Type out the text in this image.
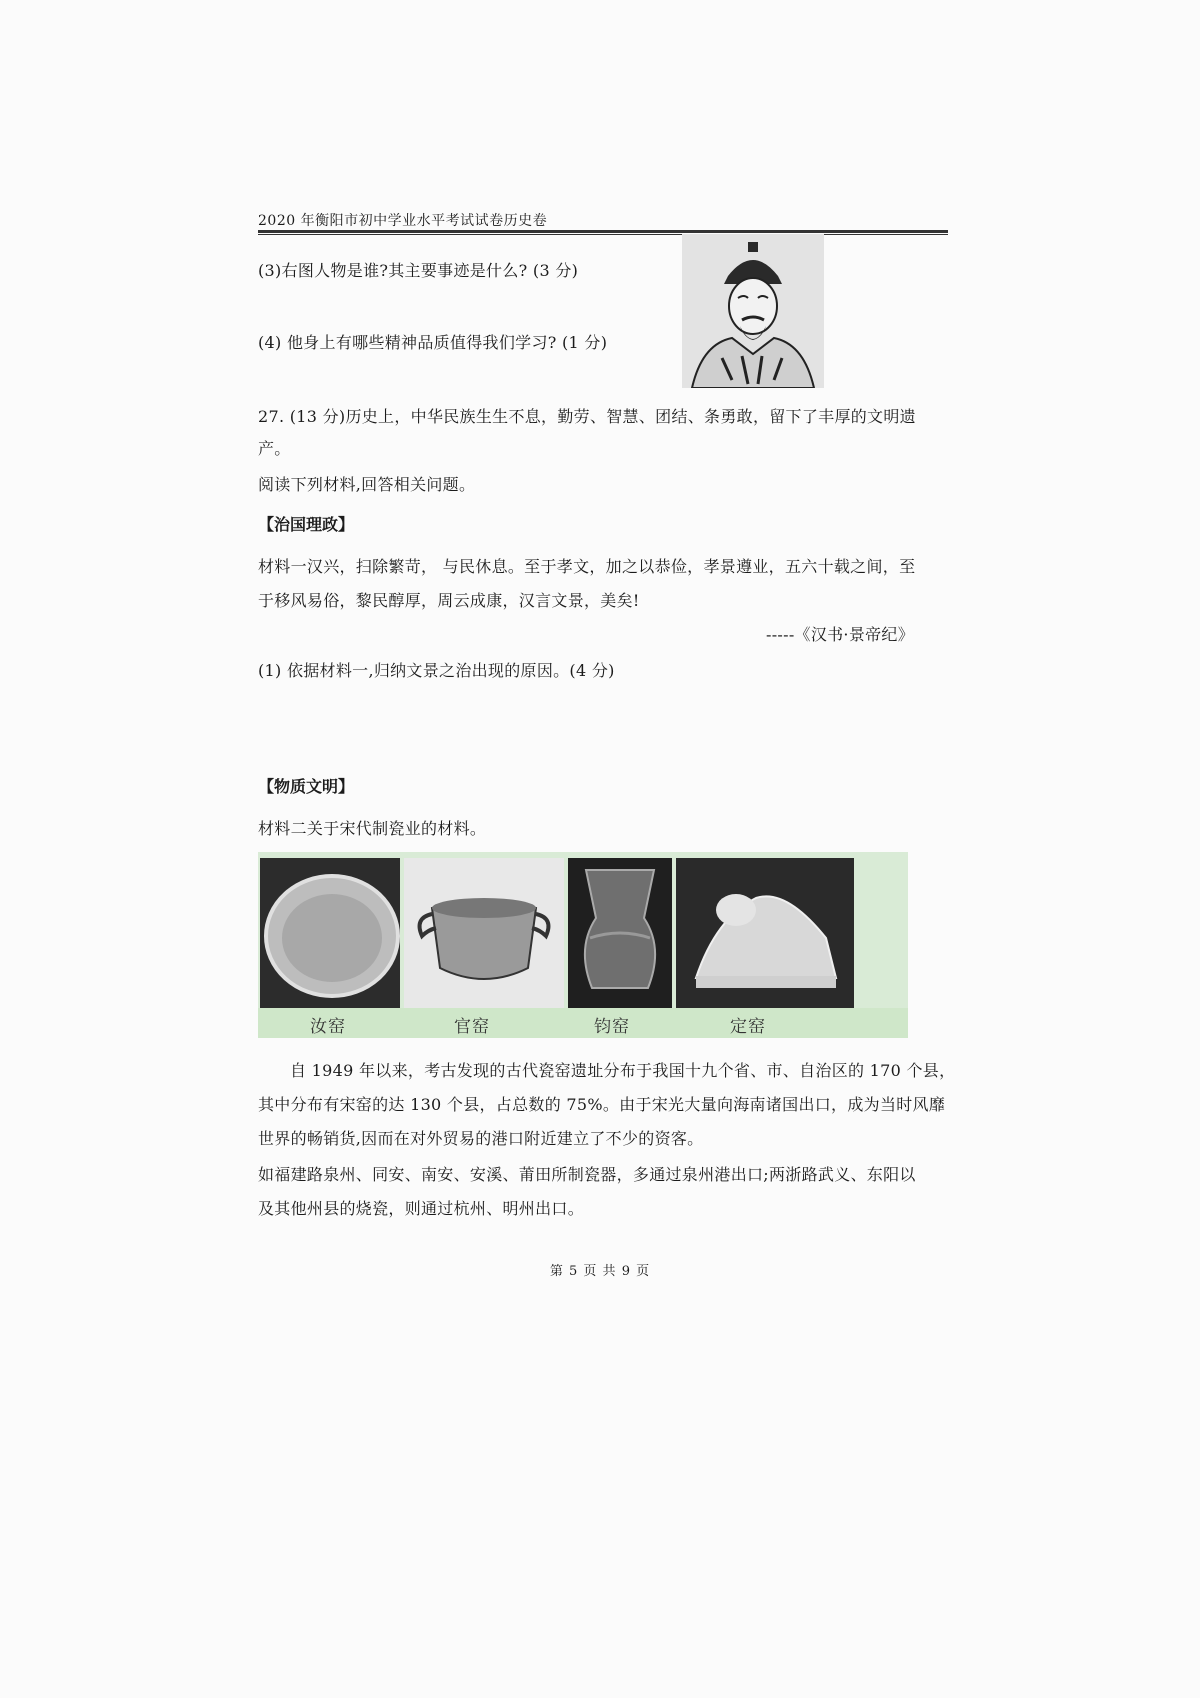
2020 年衡阳市初中学业水平考试试卷历史卷
(3)右图人物是谁?其主要事迹是什么? (3 分)
(4) 他身上有哪些精神品质值得我们学习? (1 分)
27. (13 分)历史上，中华民族生生不息，勤劳、智慧、团结、条勇敢，留下了丰厚的文明遗
产。
阅读下列材料,回答相关问题。
【治国理政】
材料一汉兴，扫除繁苛， 与民休息。至于孝文，加之以恭俭，孝景遵业，五六十载之间，至
于移风易俗，黎民醇厚，周云成康，汉言文景，美矣!
-----《汉书·景帝纪》
(1) 依据材料一,归纳文景之治出现的原因。(4 分)
【物质文明】
材料二关于宋代制瓷业的材料。
汝窑	官窑	钧窑	定窑
自 1949 年以来，考古发现的古代瓷窑遗址分布于我国十九个省、市、自治区的 170 个县，
其中分布有宋窑的达 130 个县，占总数的 75%。由于宋光大量向海南诸国出口，成为当时风靡
世界的畅销货,因而在对外贸易的港口附近建立了不少的资客。
如福建路泉州、同安、南安、安溪、莆田所制瓷器，多通过泉州港出口;两浙路武义、东阳以
及其他州县的烧瓷，则通过杭州、明州出口。
第 5 页 共 9 页
